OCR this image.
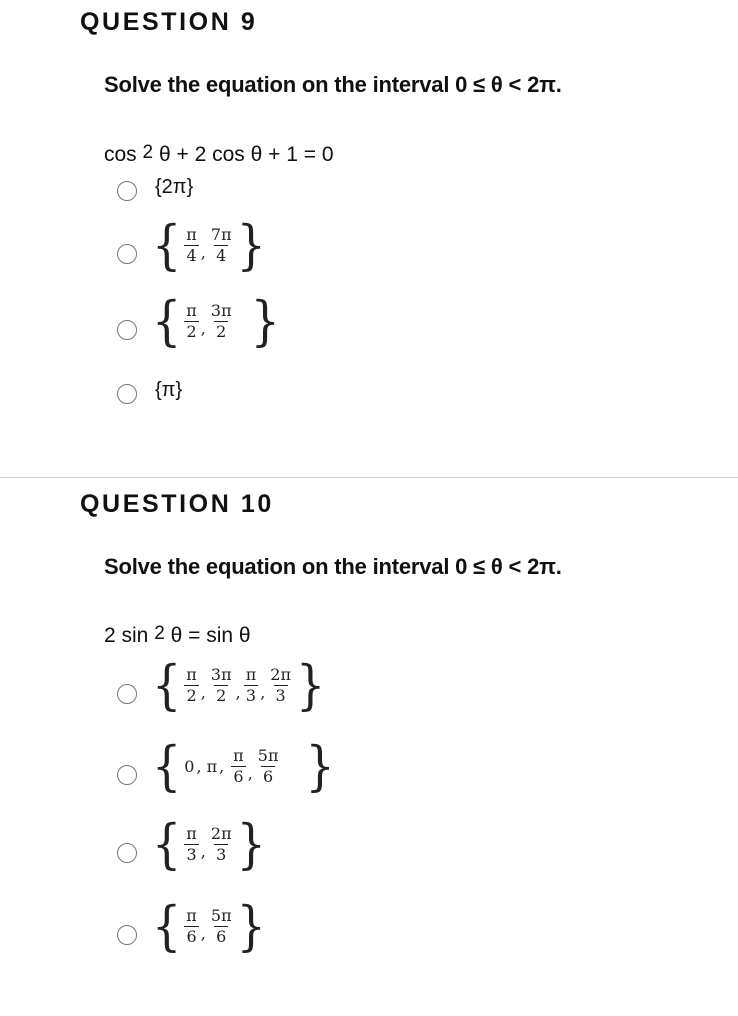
QUESTION 9
Solve the equation on the interval 0 ≤ θ < 2π.
cos $^2$ θ + 2 cos θ + 1 = 0
{2π}
{ $\frac{\pi}{4}$ , $\frac{7\pi}{4}$ }
{ $\frac{\pi}{2}$ , $\frac{3\pi}{2}$ }
{π}
QUESTION 10
Solve the equation on the interval 0 ≤ θ < 2π.
2 sin $^2$ θ = sin θ
{ $\frac{\pi}{2}$ , $\frac{3\pi}{2}$ , $\frac{\pi}{3}$ , $\frac{2\pi}{3}$ }
{ 0 , π , $\frac{\pi}{6}$ , $\frac{5\pi}{6}$ }
{ $\frac{\pi}{3}$ , $\frac{2\pi}{3}$ }
{ $\frac{\pi}{6}$ , $\frac{5\pi}{6}$ }
